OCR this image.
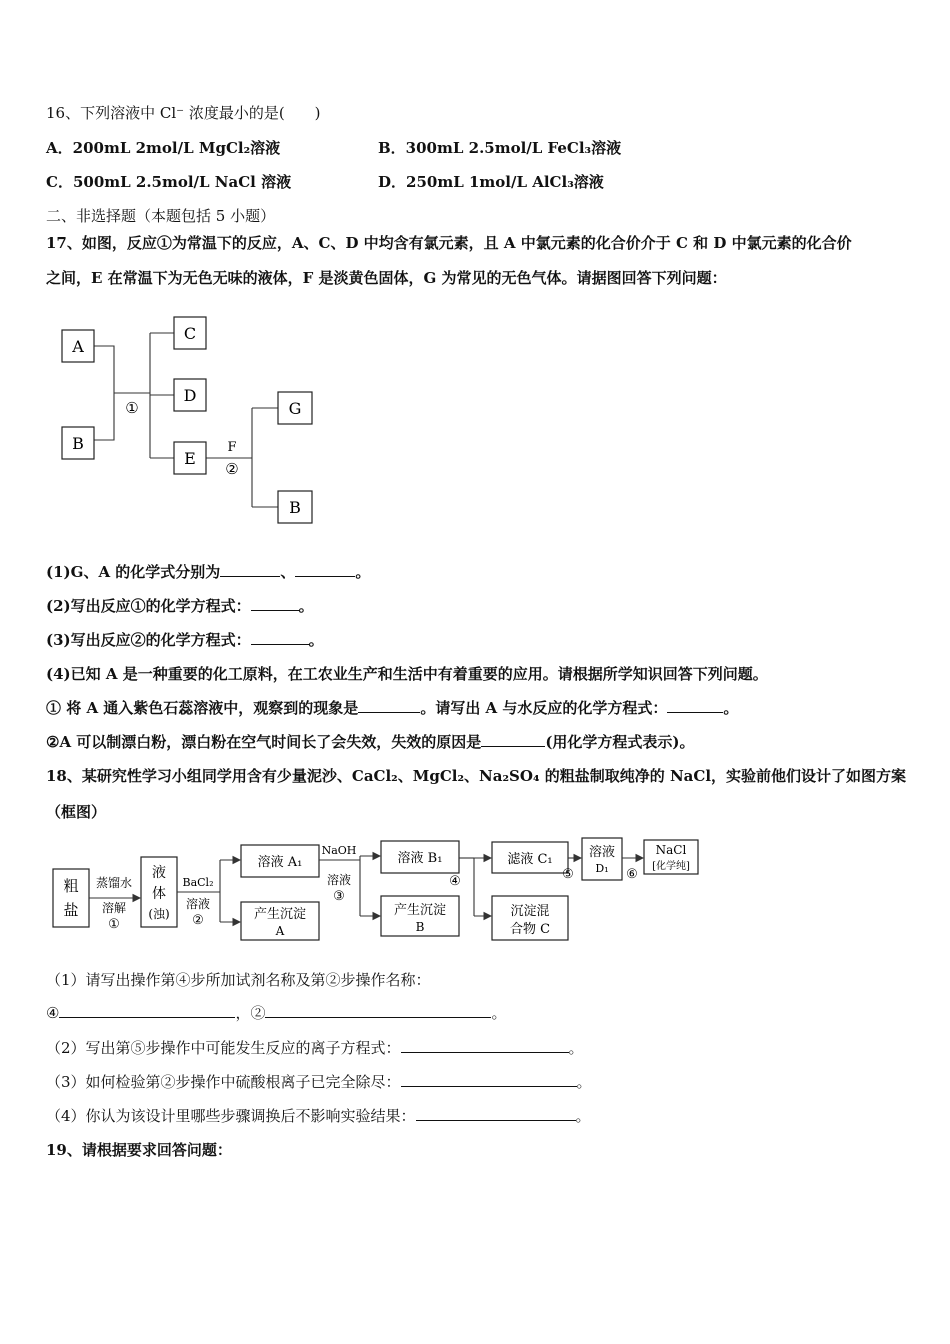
16、下列溶液中 Cl⁻ 浓度最小的是(　　)
A．200mL 2mol/L MgCl₂溶液	B．300mL 2.5mol/L FeCl₃溶液
C．500mL 2.5mol/L NaCl 溶液	D．250mL 1mol/L AlCl₃溶液
二、非选择题（本题包括 5 小题）
17、如图，反应①为常温下的反应，A、C、D 中均含有氯元素，且 A 中氯元素的化合价介于 C 和 D 中氯元素的化合价
之间，E 在常温下为无色无味的液体，F 是淡黄色固体，G 为常见的无色气体。请据图回答下列问题：
A
B
C
D
E
G
B
①
F
②
(1)G、A 的化学式分别为	、	。
(2)写出反应①的化学方程式：	。
(3)写出反应②的化学方程式：	。
(4)已知 A 是一种重要的化工原料，在工农业生产和生活中有着重要的应用。请根据所学知识回答下列问题。
① 将 A 通入紫色石蕊溶液中，观察到的现象是	。请写出 A 与水反应的化学方程式：	。
②A 可以制漂白粉，漂白粉在空气时间长了会失效，失效的原因是	(用化学方程式表示)。
18、某研究性学习小组同学用含有少量泥沙、CaCl₂、MgCl₂、Na₂SO₄ 的粗盐制取纯净的 NaCl，实验前他们设计了如图方案
（框图）
粗
盐
蒸馏水
溶解
①
液
体
(浊)
BaCl₂
溶液
②
溶液 A₁
产生沉淀
A
NaOH
溶液
③
溶液 B₁
产生沉淀
B
④
滤液 C₁
沉淀混
合物 C
⑤
溶液
D₁ ⑥
NaCl
[化学纯]
（1）请写出操作第④步所加试剂名称及第②步操作名称：
④	，②	。
（2）写出第⑤步操作中可能发生反应的离子方程式：	。
（3）如何检验第②步操作中硫酸根离子已完全除尽：	。
（4）你认为该设计里哪些步骤调换后不影响实验结果：	。
19、请根据要求回答问题：
